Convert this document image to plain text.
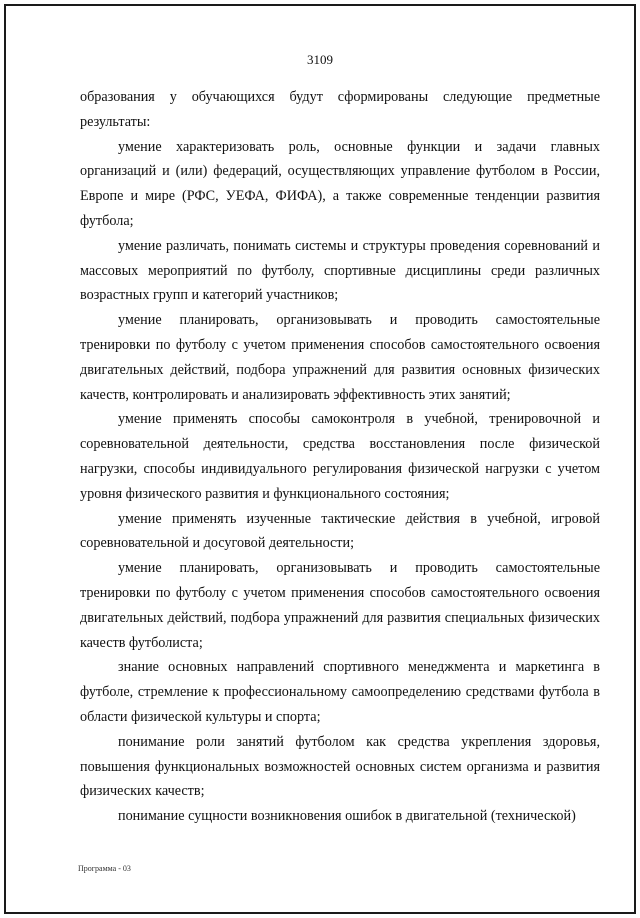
3109

образования у обучающихся будут сформированы следующие предметные результаты:

умение характеризовать роль, основные функции и задачи главных организаций и (или) федераций, осуществляющих управление футболом в России, Европе и мире (РФС, УЕФА, ФИФА), а также современные тенденции развития футбола;

умение различать, понимать системы и структуры проведения соревнований и массовых мероприятий по футболу, спортивные дисциплины среди различных возрастных групп и категорий участников;

умение планировать, организовывать и проводить самостоятельные тренировки по футболу с учетом применения способов самостоятельного освоения двигательных действий, подбора упражнений для развития основных физических качеств, контролировать и анализировать эффективность этих занятий;

умение применять способы самоконтроля в учебной, тренировочной и соревновательной деятельности, средства восстановления после физической нагрузки, способы индивидуального регулирования физической нагрузки с учетом уровня физического развития и функционального состояния;

умение применять изученные тактические действия в учебной, игровой соревновательной и досуговой деятельности;

умение планировать, организовывать и проводить самостоятельные тренировки по футболу с учетом применения способов самостоятельного освоения двигательных действий, подбора упражнений для развития специальных физических качеств футболиста;

знание основных направлений спортивного менеджмента и маркетинга в футболе, стремление к профессиональному самоопределению средствами футбола в области физической культуры и спорта;

понимание роли занятий футболом как средства укрепления здоровья, повышения функциональных возможностей основных систем организма и развития физических качеств;

понимание сущности возникновения ошибок в двигательной (технической)

Программа - 03
